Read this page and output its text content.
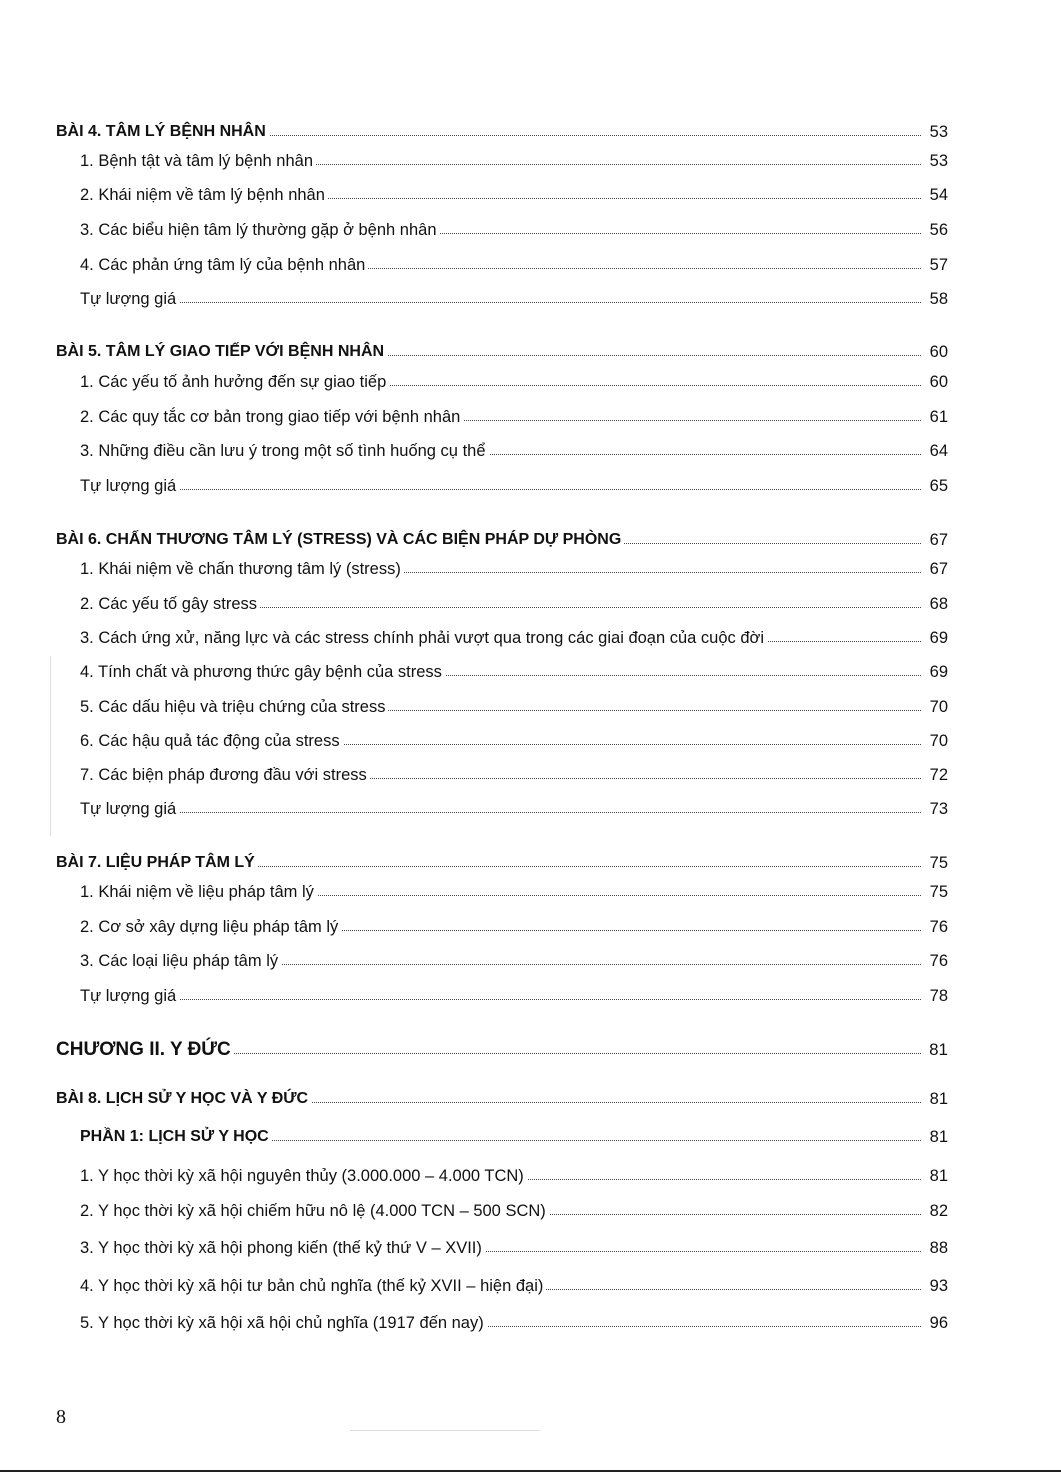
BÀI 4. TÂM LÝ BỆNH NHÂN	53
1. Bệnh tật và tâm lý bệnh nhân	53
2. Khái niệm về tâm lý bệnh nhân	54
3. Các biểu hiện tâm lý thường gặp ở bệnh nhân	56
4. Các phản ứng tâm lý của bệnh nhân	57
Tự lượng giá	58
BÀI 5. TÂM LÝ GIAO TIẾP VỚI BỆNH NHÂN	60
1. Các yếu tố ảnh hưởng đến sự giao tiếp	60
2. Các quy tắc cơ bản trong giao tiếp với bệnh nhân	61
3. Những điều cần lưu ý trong một số tình huống cụ thể	64
Tự lượng giá	65
BÀI 6. CHẤN THƯƠNG TÂM LÝ (STRESS) VÀ CÁC BIỆN PHÁP DỰ PHÒNG	67
1. Khái niệm về chấn thương tâm lý (stress)	67
2. Các yếu tố gây stress	68
3. Cách ứng xử, năng lực và các stress chính phải vượt qua trong các giai đoạn của cuộc đời	69
4. Tính chất và phương thức gây bệnh của stress	69
5. Các dấu hiệu và triệu chứng của stress	70
6. Các hậu quả tác động của stress	70
7. Các biện pháp đương đầu với stress	72
Tự lượng giá	73
BÀI 7. LIỆU PHÁP TÂM LÝ	75
1. Khái niệm về liệu pháp tâm lý	75
2. Cơ sở xây dựng liệu pháp tâm lý	76
3. Các loại liệu pháp tâm lý	76
Tự lượng giá	78
CHƯƠNG II. Y ĐỨC	81
BÀI 8. LỊCH SỬ Y HỌC VÀ Y ĐỨC	81
PHẦN 1: LỊCH SỬ Y HỌC	81
1. Y học thời kỳ xã hội nguyên thủy (3.000.000 – 4.000 TCN)	81
2. Y học thời kỳ xã hội chiếm hữu nô lệ (4.000 TCN – 500 SCN)	82
3. Y học thời kỳ xã hội phong kiến (thế kỷ thứ V – XVII)	88
4. Y học thời kỳ xã hội tư bản chủ nghĩa (thế kỷ XVII – hiện đại)	93
5. Y học thời kỳ xã hội xã hội chủ nghĩa (1917 đến nay)	96
8
